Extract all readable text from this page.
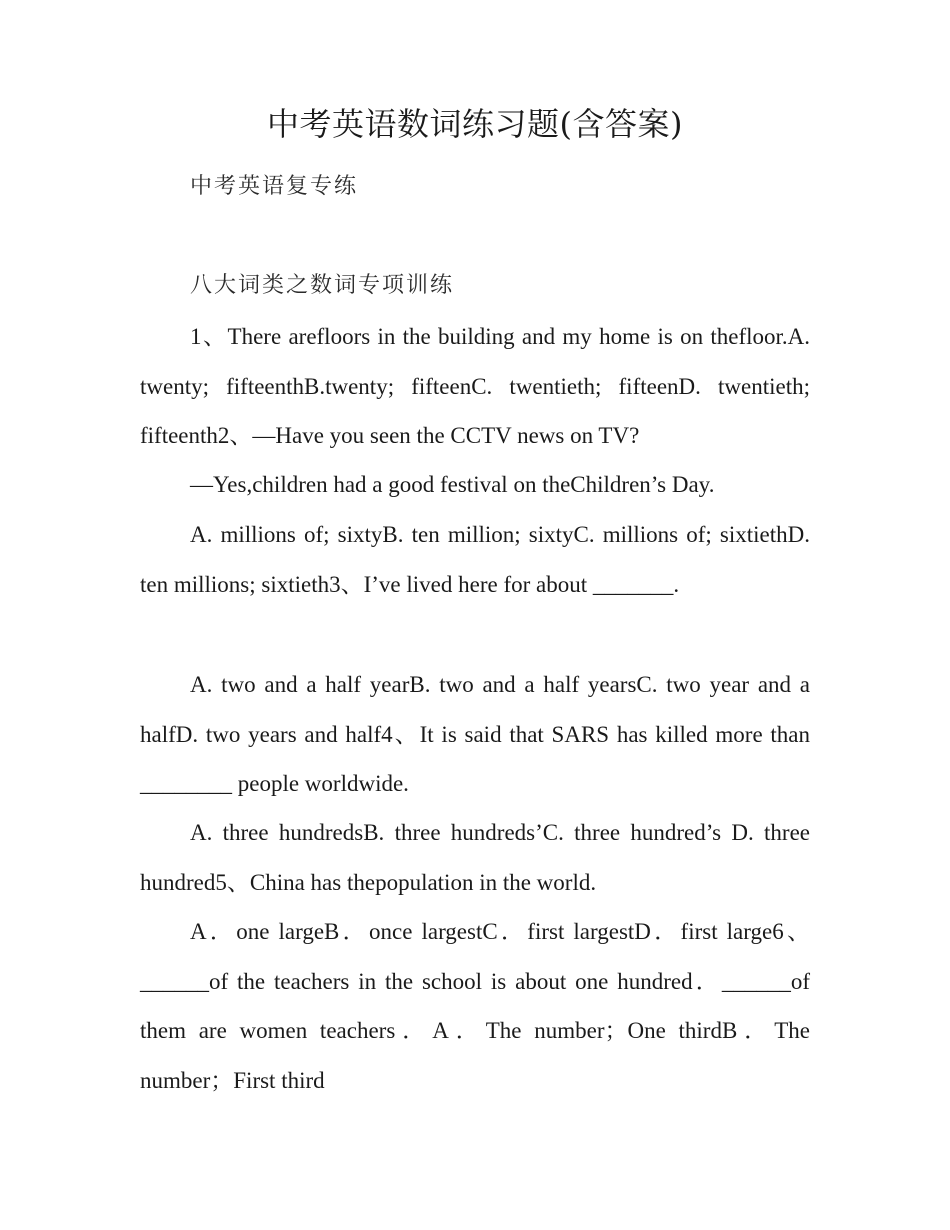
中考英语数词练习题(含答案)
中考英语复专练
八大词类之数词专项训练

1、There arefloors in the building and my home is on thefloor.A. twenty; fifteenthB.twenty; fifteenC. twentieth; fifteenD. twentieth; fifteenth2、—Have you seen the CCTV news on TV?

—Yes,children had a good festival on theChildren’s Day.

A. millions of; sixtyB. ten million; sixtyC. millions of; sixtiethD. ten millions; sixtieth3、I’ve lived here for about _______.

A. two and a half yearB. two and a half yearsC. two year and a halfD. two years and half4、It is said that SARS has killed more than ________ people worldwide.

A. three hundredsB. three hundreds’C. three hundred’s D. three hundred5、China has thepopulation in the world.

A．one largeB．once largestC．first largestD．first large6、______of the teachers in the school is about one hundred．______of them are women teachers．A．The number；One thirdB．The number；First third
